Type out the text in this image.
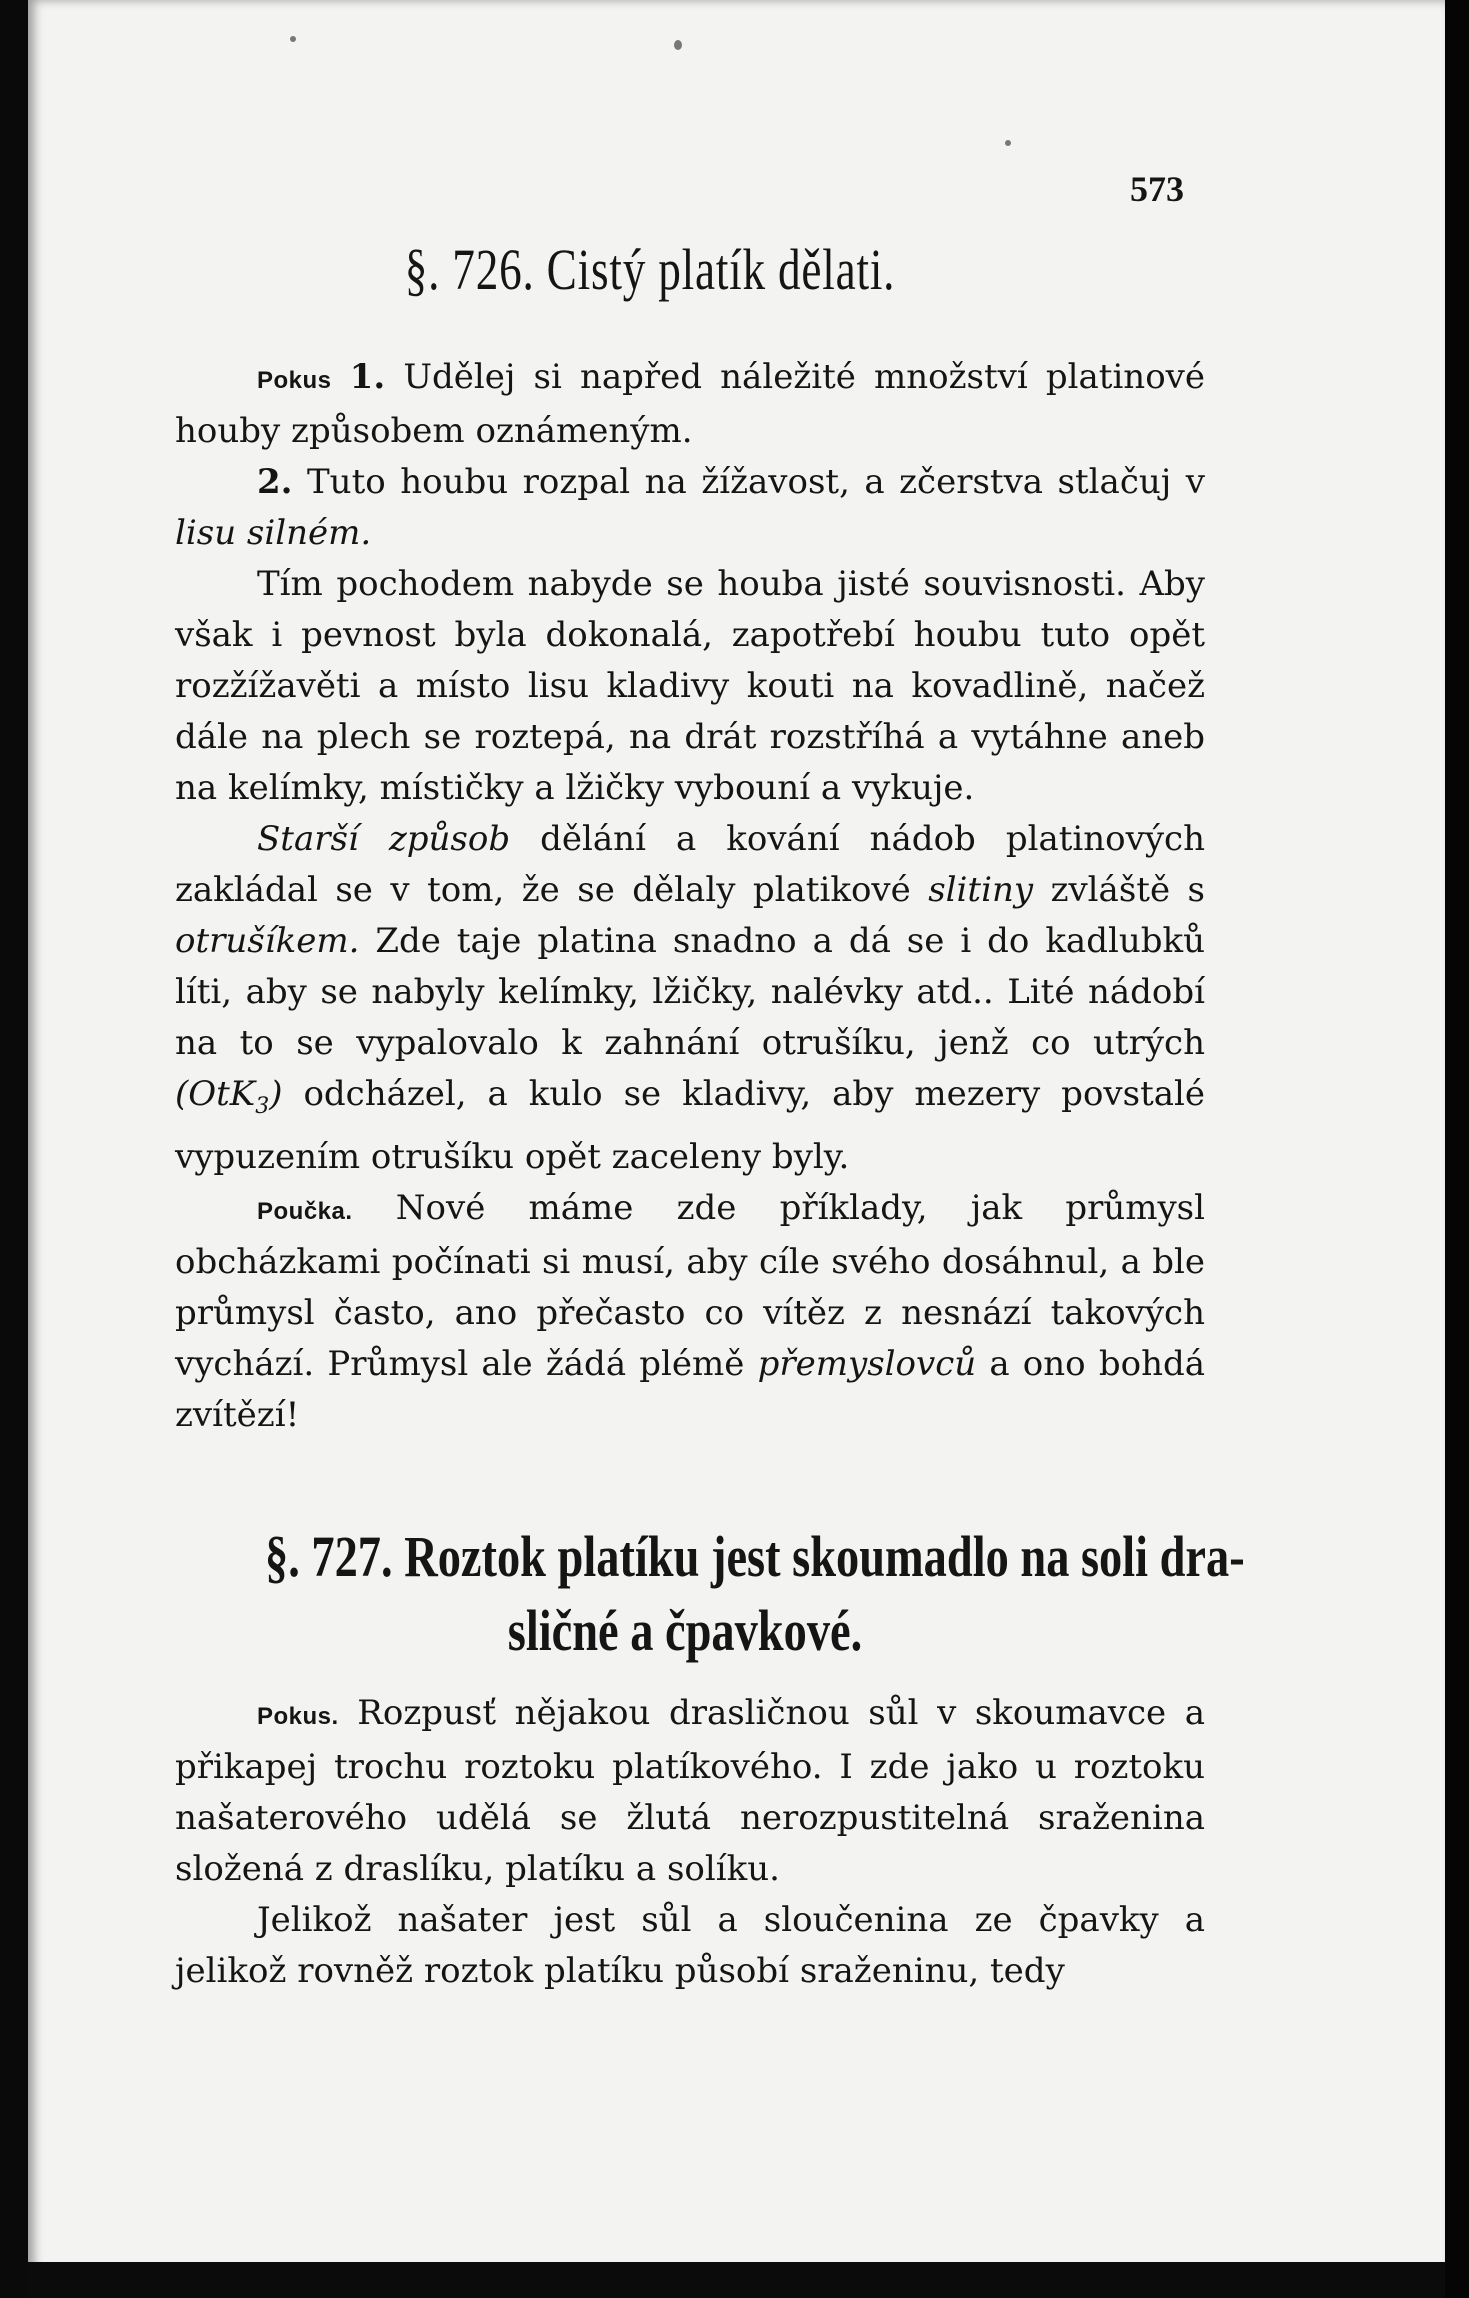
573
§. 726. Cistý platík dělati.

Pokus 1. Udělej si napřed náležité množství platinové houby způsobem oznámeným.

2. Tuto houbu rozpal na žížavost, a zčerstva stlačuj v lisu silném.

Tím pochodem nabyde se houba jisté souvisnosti. Aby však i pevnost byla dokonalá, zapotřebí houbu tuto opět rozžížavěti a místo lisu kladivy kouti na kovadlině, načež dále na plech se roztepá, na drát rozstříhá a vytáhne aneb na kelímky, místičky a lžičky vybouní a vykuje.

Starší způsob dělání a kování nádob platinových zakládal se v tom, že se dělaly platikové slitiny zvláště s otrušíkem. Zde taje platina snadno a dá se i do kadlubků líti, aby se nabyly kelímky, lžičky, nalévky atd.. Lité nádobí na to se vypalovalo k zahnání otrušíku, jenž co utrých (OtK$_3$) odcházel, a kulo se kladivy, aby mezery povstalé vypuzením otrušíku opět zaceleny byly.

Poučka. Nové máme zde příklady, jak průmysl obcházkami počínati si musí, aby cíle svého dosáhnul, a ble průmysl často, ano přečasto co vítěz z nesnází takových vychází. Průmysl ale žádá plémě přemyslovců a ono bohdá zvítězí!

§. 727. Roztok platíku jest skoumadlo na soli dra-
sličné a čpavkové.

Pokus. Rozpusť nějakou drasličnou sůl v skoumavce a přikapej trochu roztoku platíkového. I zde jako u roztoku našaterového udělá se žlutá nerozpustitelná sraženina složená z draslíku, platíku a solíku.

Jelikož našater jest sůl a sloučenina ze čpavky a jelikož rovněž roztok platíku působí sraženinu, tedy
